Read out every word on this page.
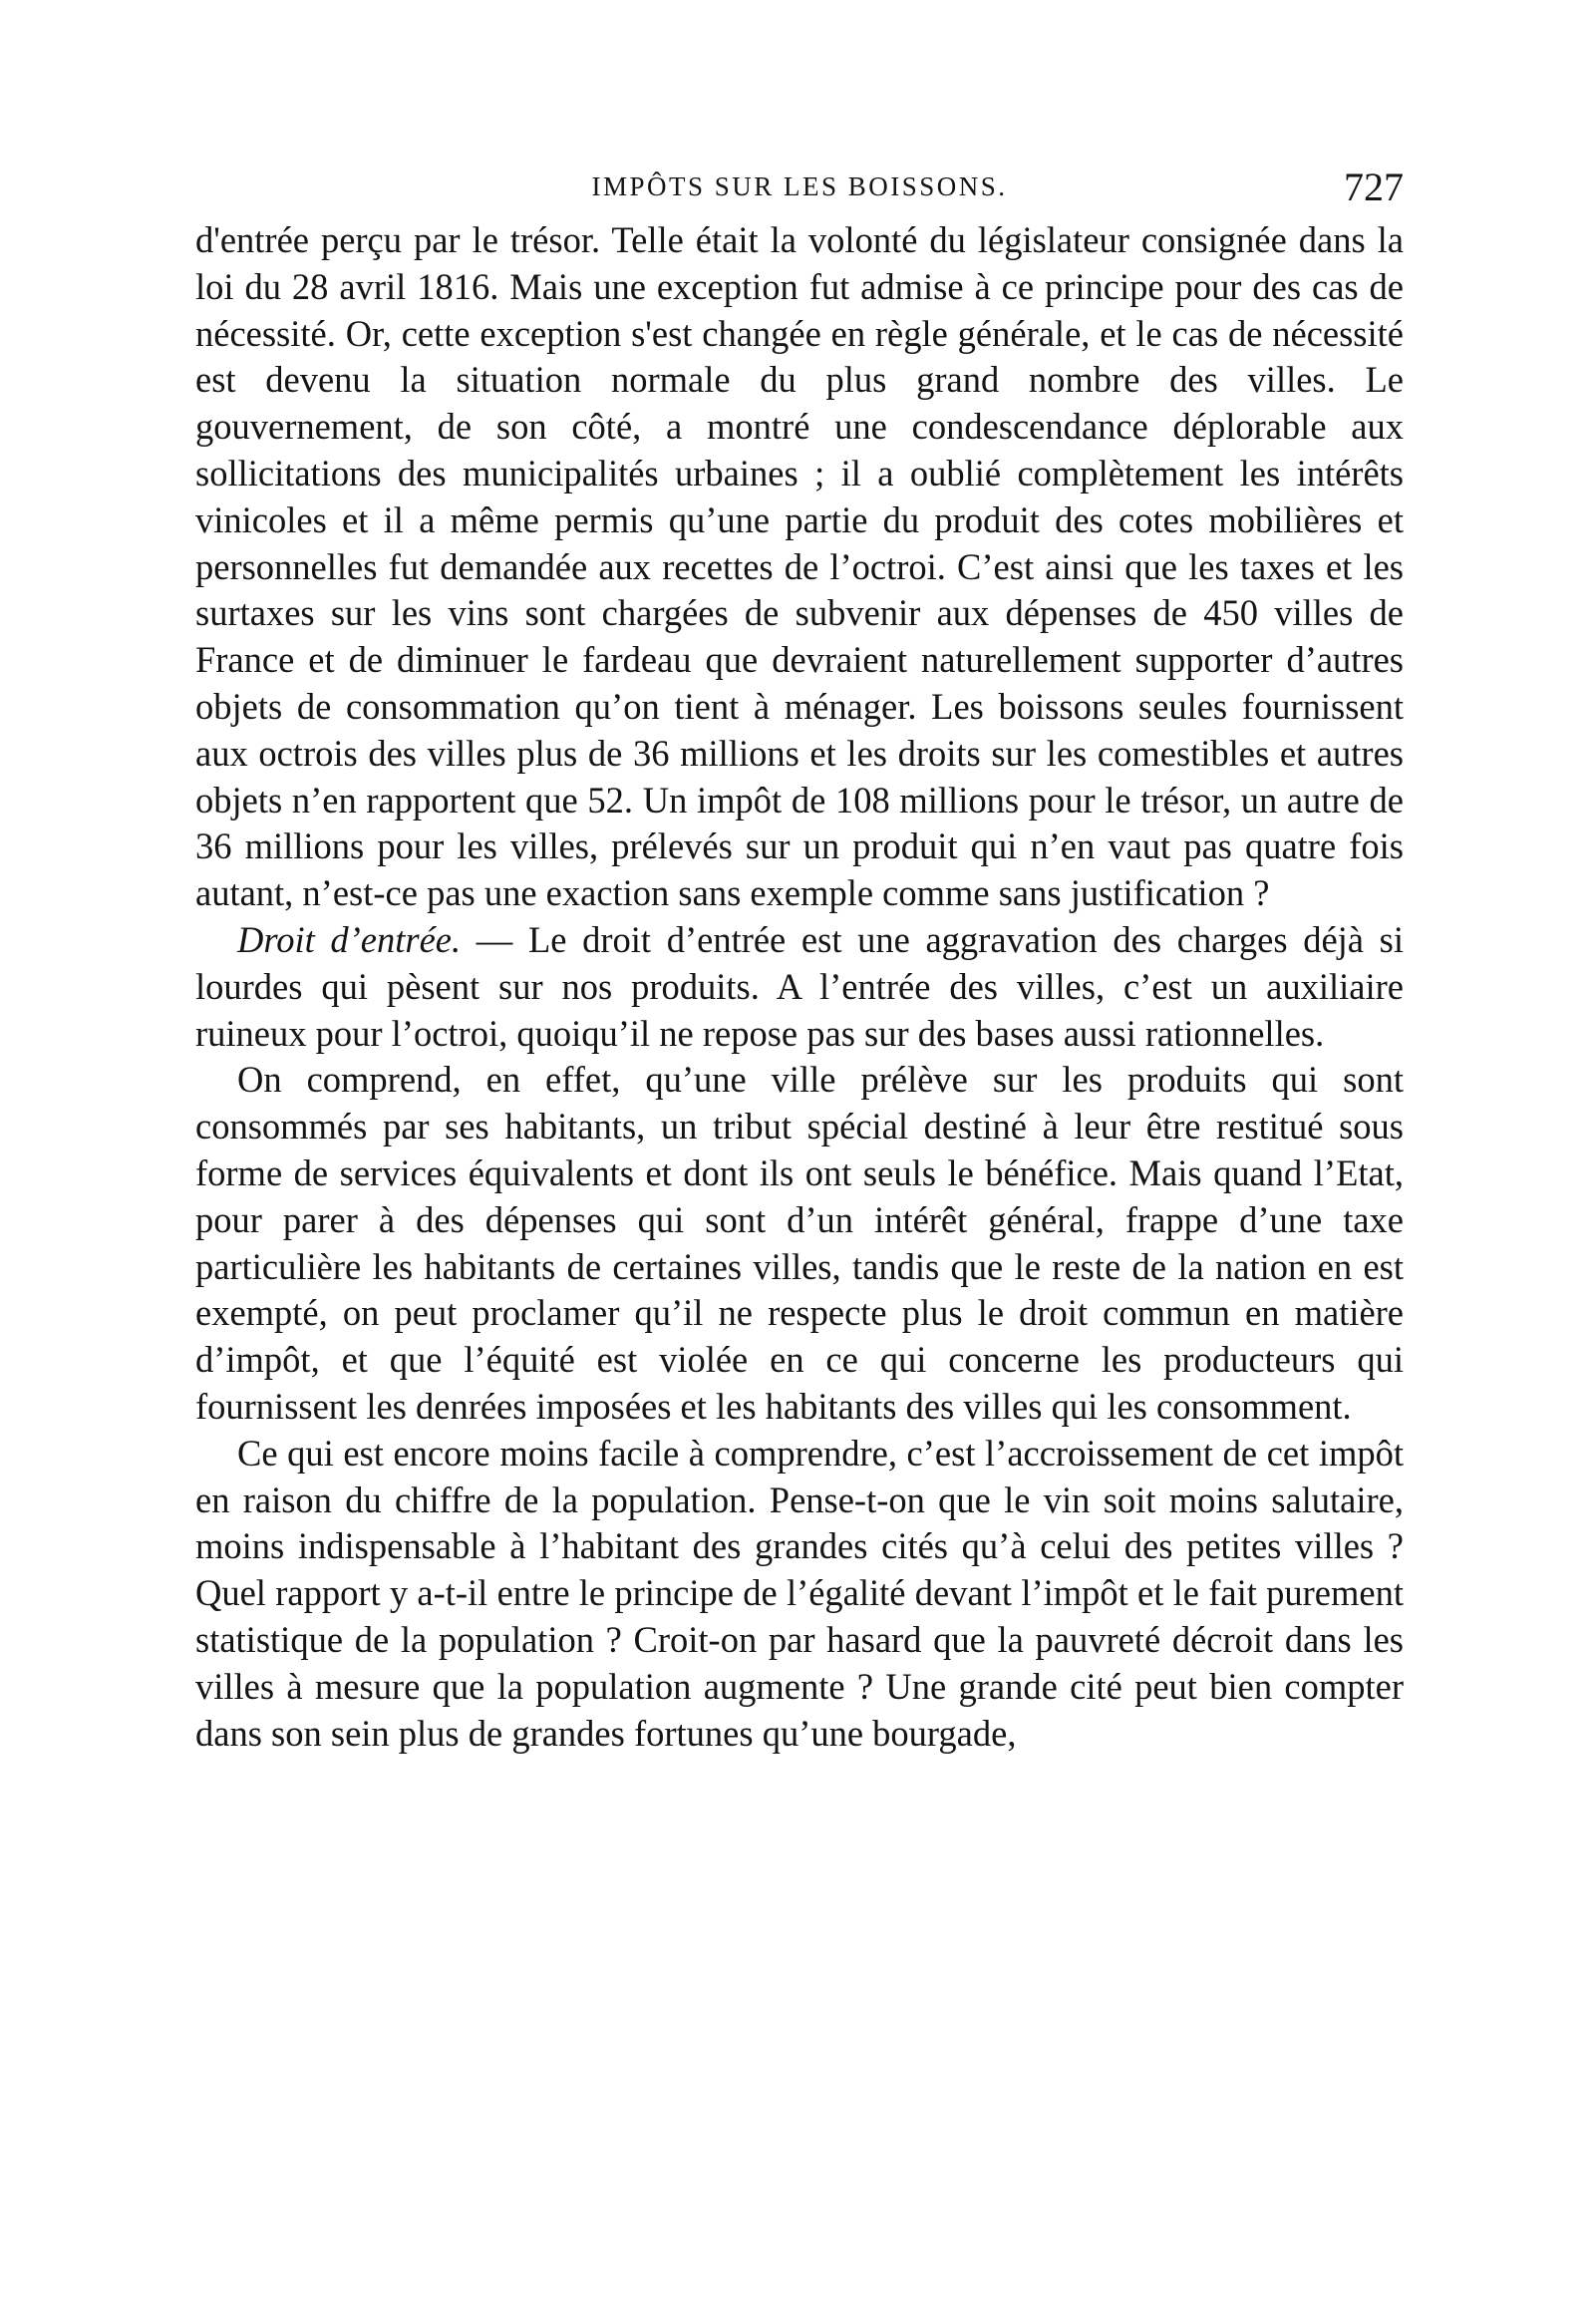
IMPÔTS SUR LES BOISSONS.	727

d'entrée perçu par le trésor. Telle était la volonté du législateur consignée dans la loi du 28 avril 1816. Mais une exception fut admise à ce principe pour des cas de nécessité. Or, cette exception s'est changée en règle générale, et le cas de nécessité est devenu la situation normale du plus grand nombre des villes. Le gouvernement, de son côté, a montré une condescendance déplorable aux sollicitations des municipalités urbaines ; il a oublié complètement les intérêts vinicoles et il a même permis qu’une partie du produit des cotes mobilières et personnelles fut demandée aux recettes de l’octroi. C’est ainsi que les taxes et les surtaxes sur les vins sont chargées de subvenir aux dépenses de 450 villes de France et de diminuer le fardeau que devraient naturellement supporter d’autres objets de consommation qu’on tient à ménager. Les boissons seules fournissent aux octrois des villes plus de 36 millions et les droits sur les comestibles et autres objets n’en rapportent que 52. Un impôt de 108 millions pour le trésor, un autre de 36 millions pour les villes, prélevés sur un produit qui n’en vaut pas quatre fois autant, n’est-ce pas une exaction sans exemple comme sans justification ?

Droit d’entrée. — Le droit d’entrée est une aggravation des charges déjà si lourdes qui pèsent sur nos produits. A l’entrée des villes, c’est un auxiliaire ruineux pour l’octroi, quoiqu’il ne repose pas sur des bases aussi rationnelles.

On comprend, en effet, qu’une ville prélève sur les produits qui sont consommés par ses habitants, un tribut spécial destiné à leur être restitué sous forme de services équivalents et dont ils ont seuls le bénéfice. Mais quand l’Etat, pour parer à des dépenses qui sont d’un intérêt général, frappe d’une taxe particulière les habitants de certaines villes, tandis que le reste de la nation en est exempté, on peut proclamer qu’il ne respecte plus le droit commun en matière d’impôt, et que l’équité est violée en ce qui concerne les producteurs qui fournissent les denrées imposées et les habitants des villes qui les consomment.

Ce qui est encore moins facile à comprendre, c’est l’accroissement de cet impôt en raison du chiffre de la population. Pense-t-on que le vin soit moins salutaire, moins indispensable à l’habitant des grandes cités qu’à celui des petites villes ? Quel rapport y a-t-il entre le principe de l’égalité devant l’impôt et le fait purement statistique de la population ? Croit-on par hasard que la pauvreté décroit dans les villes à mesure que la population augmente ? Une grande cité peut bien compter dans son sein plus de grandes fortunes qu’une bourgade,
